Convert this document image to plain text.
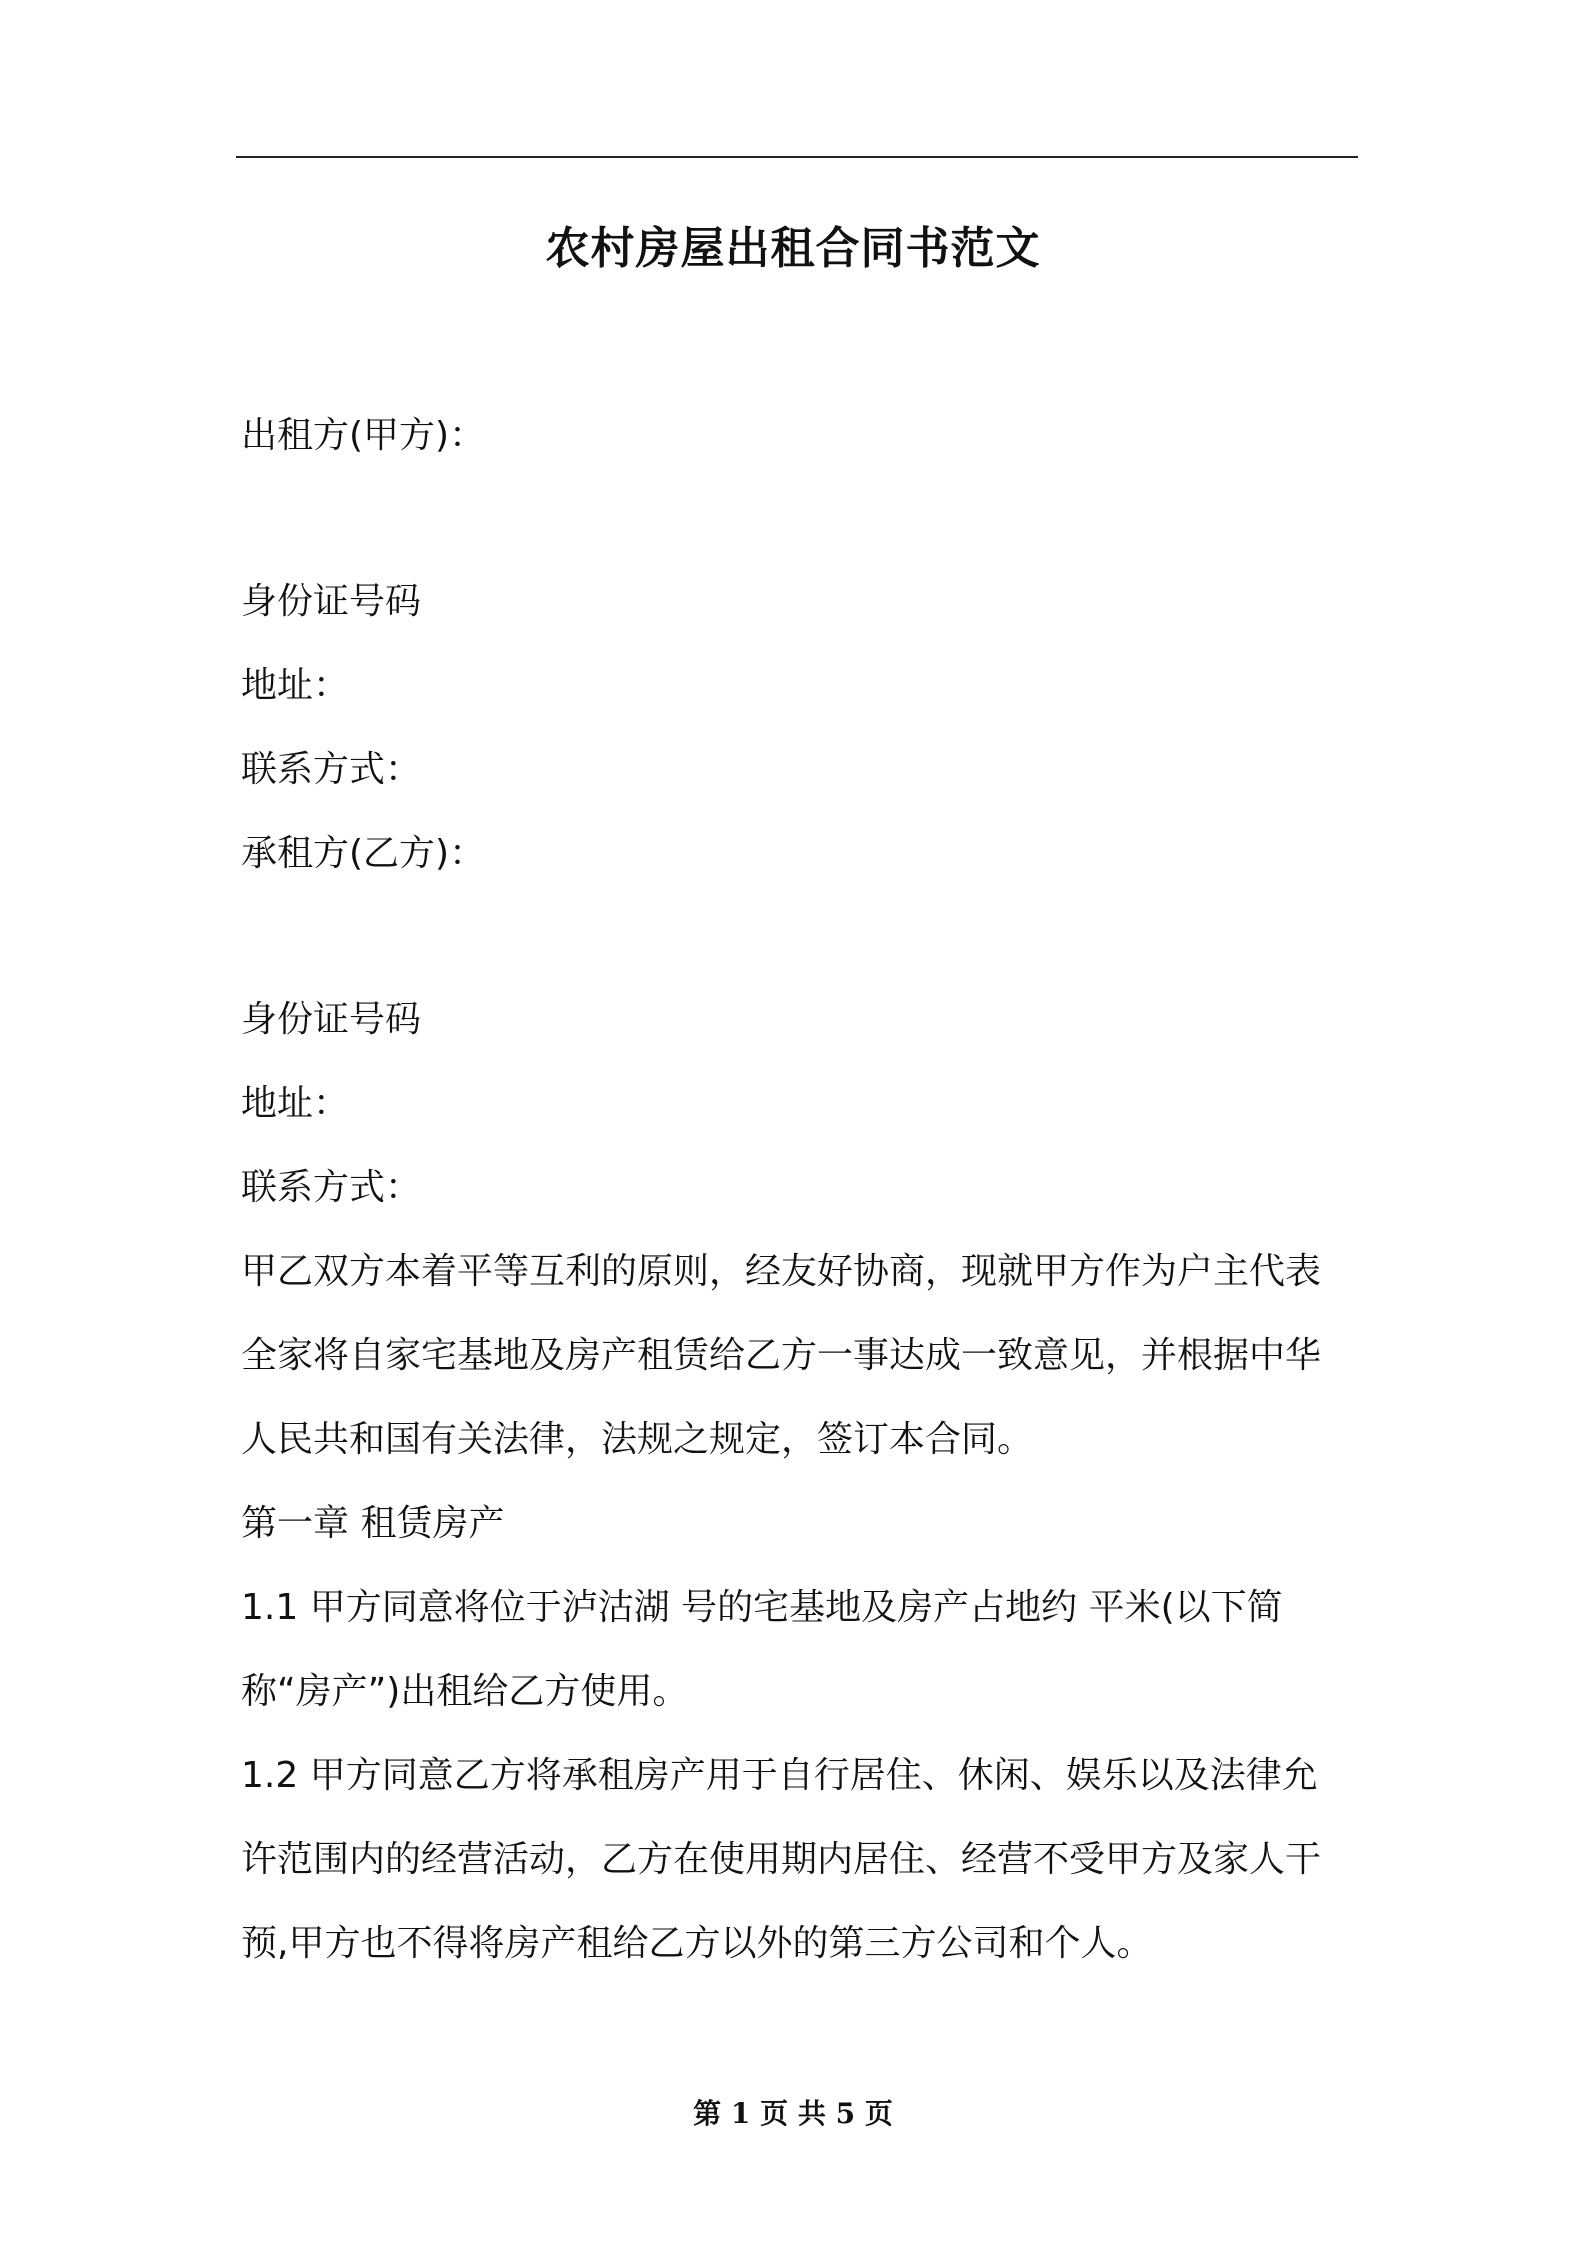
农村房屋出租合同书范文
出租方(甲方)：
身份证号码
地址：
联系方式：
承租方(乙方)：
身份证号码
地址：
联系方式：
甲乙双方本着平等互利的原则，经友好协商，现就甲方作为户主代表
全家将自家宅基地及房产租赁给乙方一事达成一致意见，并根据中华
人民共和国有关法律，法规之规定，签订本合同。
第一章 租赁房产
1.1 甲方同意将位于泸沽湖 号的宅基地及房产占地约 平米(以下简
称“房产”)出租给乙方使用。
1.2 甲方同意乙方将承租房产用于自行居住、休闲、娱乐以及法律允
许范围内的经营活动，乙方在使用期内居住、经营不受甲方及家人干
预,甲方也不得将房产租给乙方以外的第三方公司和个人。
第 1 页 共 5 页
